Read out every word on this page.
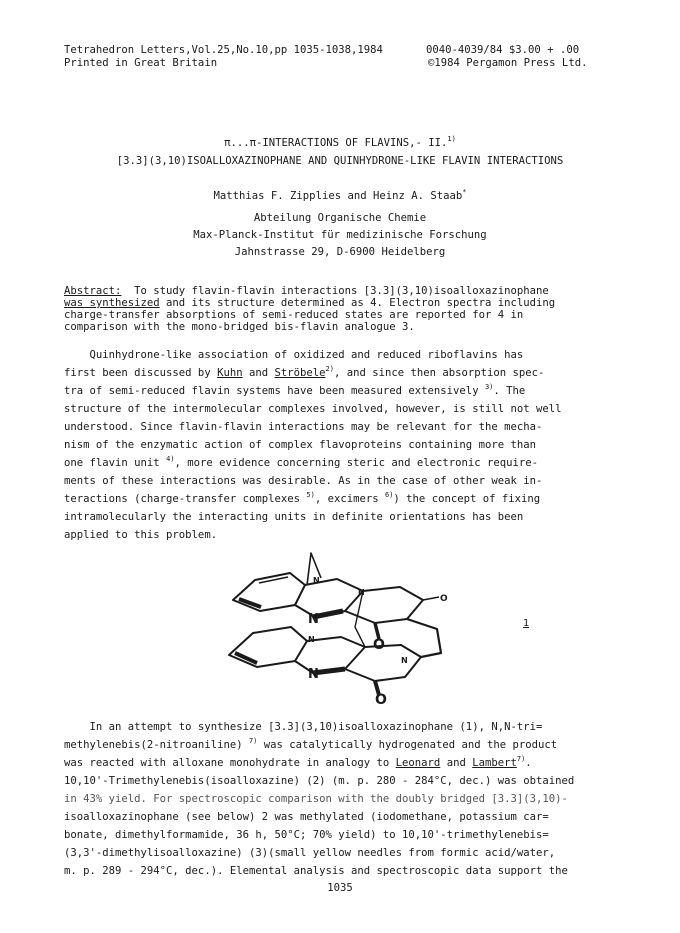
Tetrahedron Letters,Vol.25,No.10,pp 1035-1038,1984
Printed in Great Britain
0040-4039/84 $3.00 + .00
©1984 Pergamon Press Ltd.
π...π-INTERACTIONS OF FLAVINS,- II.$^{1)}$
[3.3](3,10)ISOALLOXAZINOPHANE AND QUINHYDRONE-LIKE FLAVIN INTERACTIONS
Matthias F. Zipplies and Heinz A. Staab*
Abteilung Organische Chemie
Max-Planck-Institut für medizinische Forschung
Jahnstrasse 29, D-6900 Heidelberg
Abstract:  To study flavin-flavin interactions [3.3](3,10)isoalloxazinophane
was synthesized and its structure determined as 4. Electron spectra including
charge-transfer absorptions of semi-reduced states are reported for 4 in
comparison with the mono-bridged bis-flavin analogue 3.
Quinhydrone-like association of oxidized and reduced riboflavins has
first been discussed by Kuhn and Ströbele$^{2)}$, and since then absorption spec-
tra of semi-reduced flavin systems have been measured extensively $^{3)}$. The
structure of the intermolecular complexes involved, however, is still not well
understood. Since flavin-flavin interactions may be relevant for the mecha-
nism of the enzymatic action of complex flavoproteins containing more than
one flavin unit $^{4)}$, more evidence concerning steric and electronic require-
ments of these interactions was desirable. As in the case of other weak in-
teractions (charge-transfer complexes $^{5)}$, excimers $^{6)}$) the concept of fixing
intramolecularly the interacting units in definite orientations has been
applied to this problem.
N
N
N
O
O
N
N
N
O
1
In an attempt to synthesize [3.3](3,10)isoalloxazinophane (1), N,N-tri=
methylenebis(2-nitroaniline) $^{7)}$ was catalytically hydrogenated and the product
was reacted with alloxane monohydrate in analogy to Leonard and Lambert$^{7)}$.
10,10'-Trimethylenebis(isoalloxazine) (2) (m. p. 280 - 284°C, dec.) was obtained
in 43% yield. For spectroscopic comparison with the doubly bridged [3.3](3,10)-
isoalloxazinophane (see below) 2 was methylated (iodomethane, potassium car=
bonate, dimethylformamide, 36 h, 50°C; 70% yield) to 10,10'-trimethylenebis=
(3,3'-dimethylisoalloxazine) (3)(small yellow needles from formic acid/water,
m. p. 289 - 294°C, dec.). Elemental analysis and spectroscopic data support the
1035
